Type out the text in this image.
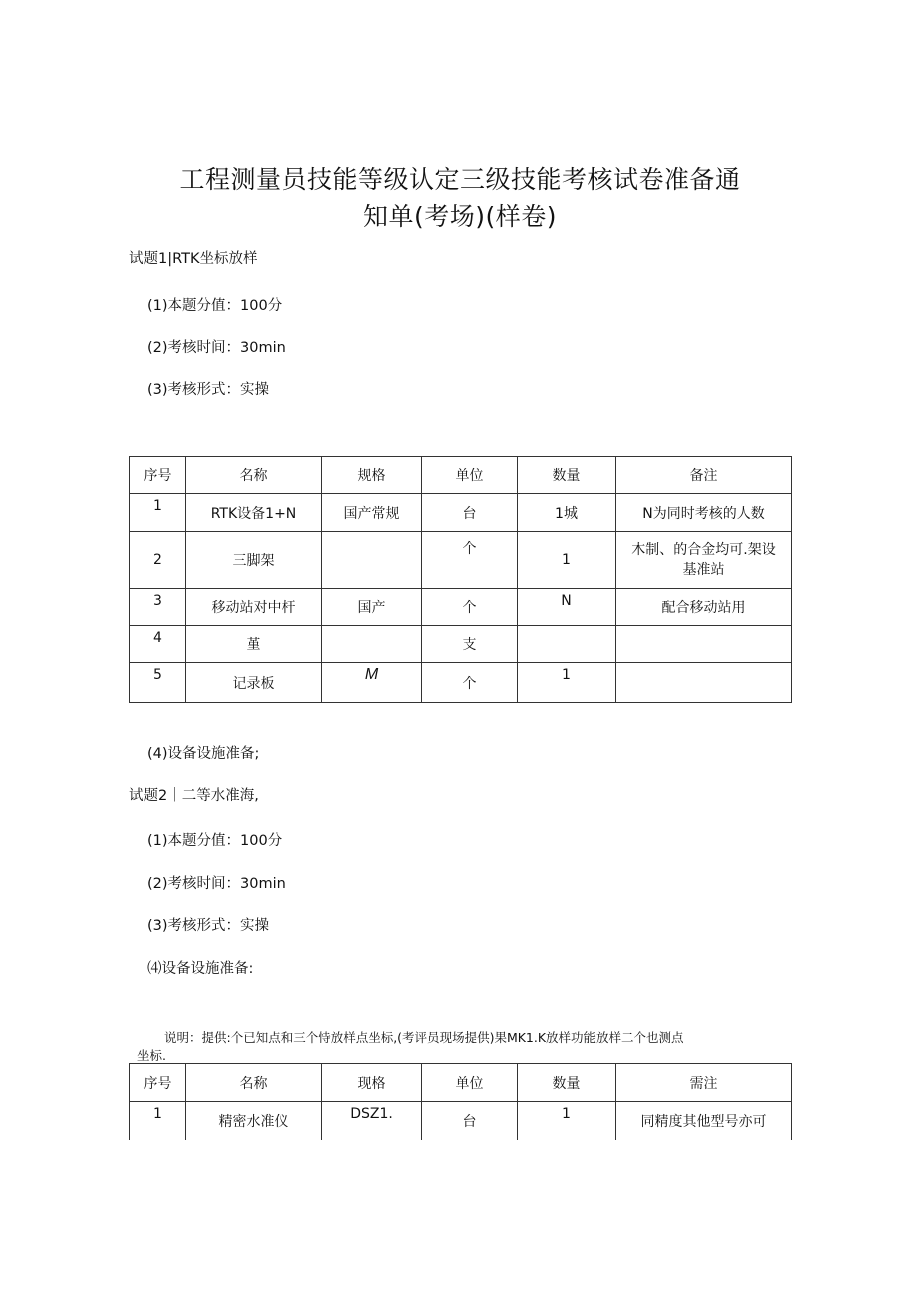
工程测量员技能等级认定三级技能考核试卷准备通
知单(考场)(样卷)
试题1|RTK坐标放样
(1)本题分值：100分
(2)考核时间：30min
(3)考核形式：实操
序号	名称	规格	单位	数量	备注
1	RTK设备1+N	国产常规	台	1城	N为同时考核的人数
2	三脚架		个	1	木制、的合金均可.架设基准站
3	移动站对中杆	国产	个	N	配合移动站用
4	堇		支		
5	记录板	M	个	1	
(4)设备设施准备;
试题2｜二等水准海,
(1)本题分值：100分
(2)考核时间：30min
(3)考核形式：实操
⑷设备设施准备:
说明：提供:个已知点和三个恃放样点坐标,(考评员现场提供)果MK1.K放样功能放样二个也测点
坐标.
序号	名称	现格	单位	数量	需注
1	精密水准仪	DSZ1.	台	1	同精度其他型号亦可
